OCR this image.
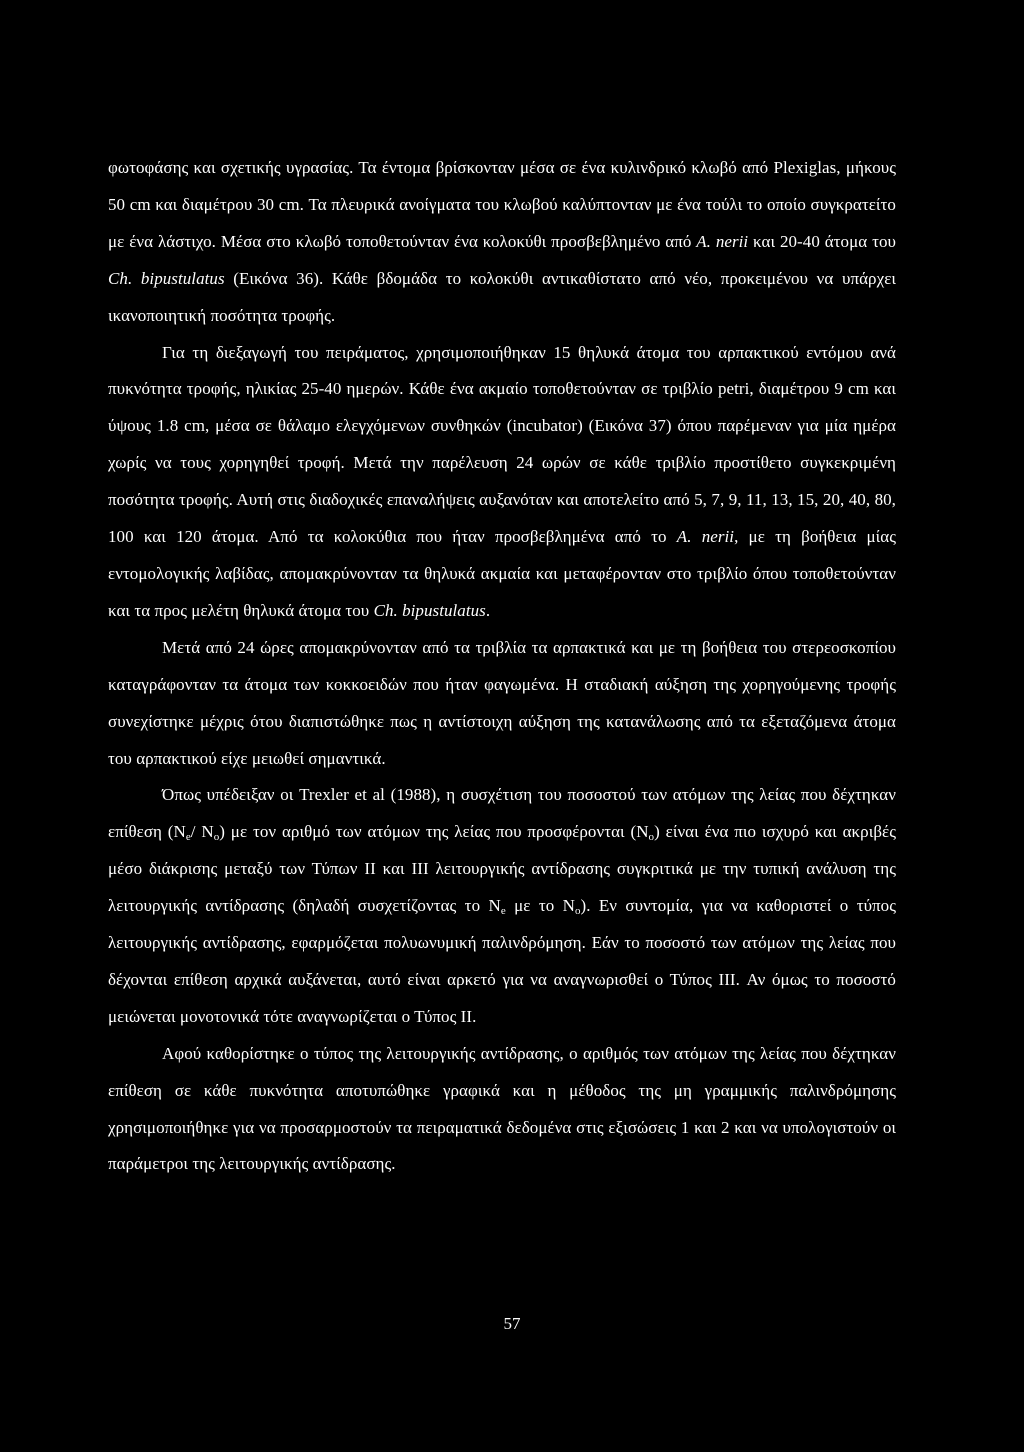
φωτοφάσης και σχετικής υγρασίας. Τα έντομα βρίσκονταν μέσα σε ένα κυλινδρικό κλωβό από Plexiglas, μήκους 50 cm και διαμέτρου 30 cm. Τα πλευρικά ανοίγματα του κλωβού καλύπτονταν με ένα τούλι το οποίο συγκρατείτο με ένα λάστιχο. Μέσα στο κλωβό τοποθετούνταν ένα κολοκύθι προσβεβλημένο από A. nerii και 20-40 άτομα του Ch. bipustulatus (Εικόνα 36). Κάθε βδομάδα το κολοκύθι αντικαθίστατο από νέο, προκειμένου να υπάρχει ικανοποιητική ποσότητα τροφής.

Για τη διεξαγωγή του πειράματος, χρησιμοποιήθηκαν 15 θηλυκά άτομα του αρπακτικού εντόμου ανά πυκνότητα τροφής, ηλικίας 25-40 ημερών. Κάθε ένα ακμαίο τοποθετούνταν σε τριβλίο petri, διαμέτρου 9 cm και ύψους 1.8 cm, μέσα σε θάλαμο ελεγχόμενων συνθηκών (incubator) (Εικόνα 37) όπου παρέμεναν για μία ημέρα χωρίς να τους χορηγηθεί τροφή. Μετά την παρέλευση 24 ωρών σε κάθε τριβλίο προστίθετο συγκεκριμένη ποσότητα τροφής. Αυτή στις διαδοχικές επαναλήψεις αυξανόταν και αποτελείτο από 5, 7, 9, 11, 13, 15, 20, 40, 80, 100 και 120 άτομα. Από τα κολοκύθια που ήταν προσβεβλημένα από το A. nerii, με τη βοήθεια μίας εντομολογικής λαβίδας, απομακρύνονταν τα θηλυκά ακμαία και μεταφέρονταν στο τριβλίο όπου τοποθετούνταν και τα προς μελέτη θηλυκά άτομα του Ch. bipustulatus.

Μετά από 24 ώρες απομακρύνονταν από τα τριβλία τα αρπακτικά και με τη βοήθεια του στερεοσκοπίου καταγράφονταν τα άτομα των κοκκοειδών που ήταν φαγωμένα. Η σταδιακή αύξηση της χορηγούμενης τροφής συνεχίστηκε μέχρις ότου διαπιστώθηκε πως η αντίστοιχη αύξηση της κατανάλωσης από τα εξεταζόμενα άτομα του αρπακτικού είχε μειωθεί σημαντικά.

Όπως υπέδειξαν οι Trexler et al (1988), η συσχέτιση του ποσοστού των ατόμων της λείας που δέχτηκαν επίθεση ($N_e/$ $N_o$) με τον αριθμό των ατόμων της λείας που προσφέρονται $(N_o)$ είναι ένα πιο ισχυρό και ακριβές μέσο διάκρισης μεταξύ των Τύπων II και III λειτουργικής αντίδρασης συγκριτικά με την τυπική ανάλυση της λειτουργικής αντίδρασης (δηλαδή συσχετίζοντας το $N_e$ με το $N_o$). Εν συντομία, για να καθοριστεί ο τύπος λειτουργικής αντίδρασης, εφαρμόζεται πολυωνυμική παλινδρόμηση. Εάν το ποσοστό των ατόμων της λείας που δέχονται επίθεση αρχικά αυξάνεται, αυτό είναι αρκετό για να αναγνωρισθεί ο Τύπος III. Αν όμως το ποσοστό μειώνεται μονοτονικά τότε αναγνωρίζεται ο Τύπος II.

Αφού καθορίστηκε ο τύπος της λειτουργικής αντίδρασης, ο αριθμός των ατόμων της λείας που δέχτηκαν επίθεση σε κάθε πυκνότητα αποτυπώθηκε γραφικά και η μέθοδος της μη γραμμικής παλινδρόμησης χρησιμοποιήθηκε για να προσαρμοστούν τα πειραματικά δεδομένα στις εξισώσεις 1 και 2 και να υπολογιστούν οι παράμετροι της λειτουργικής αντίδρασης.

57
